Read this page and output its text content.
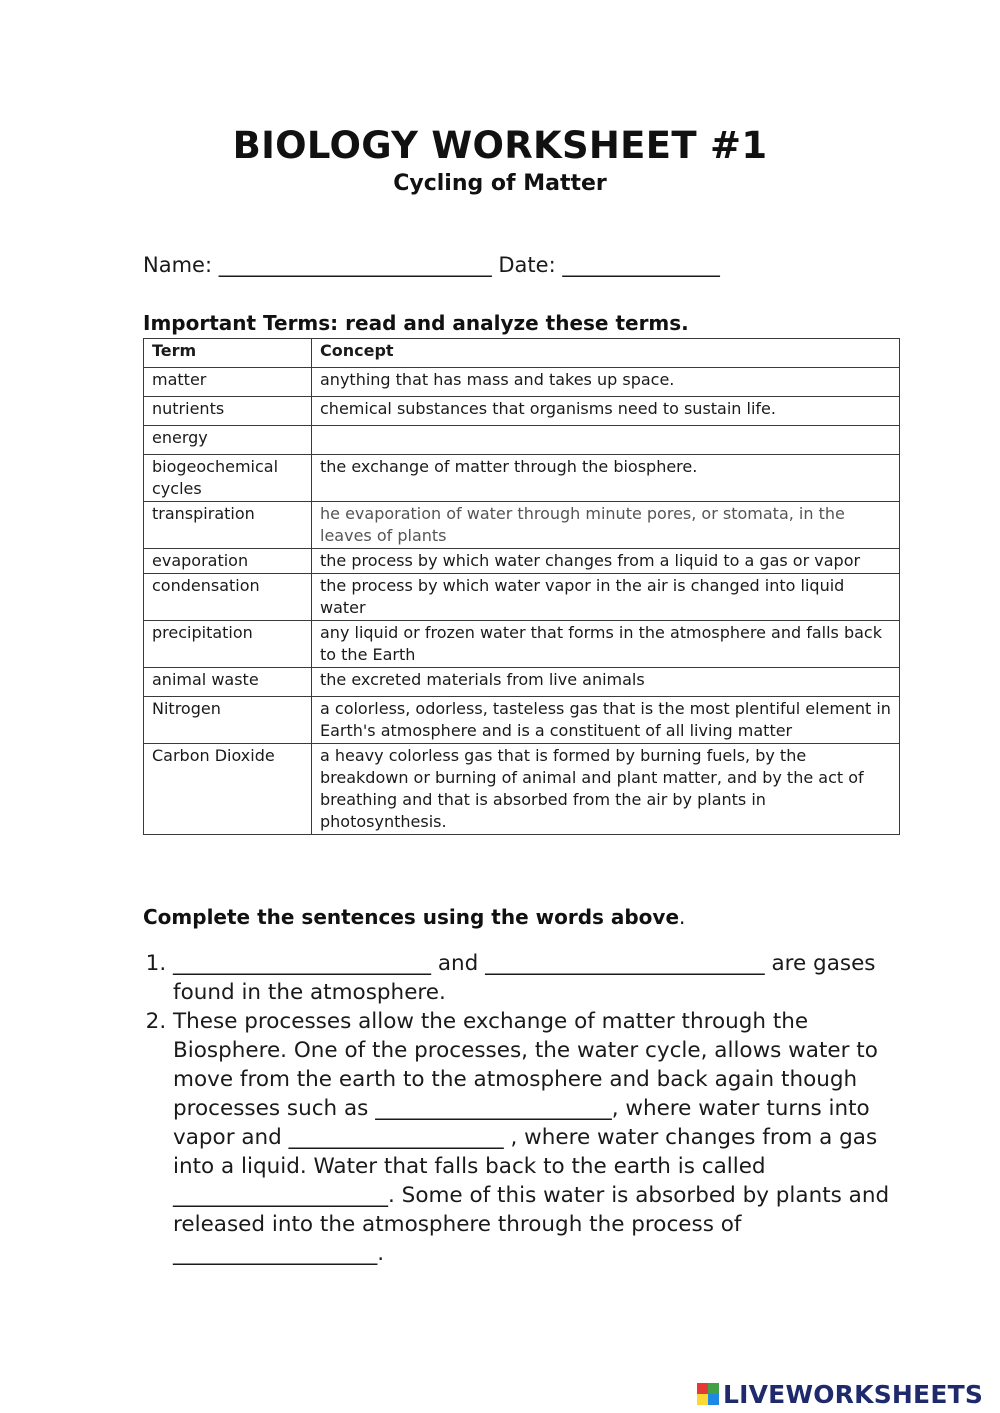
BIOLOGY WORKSHEET #1
Cycling of Matter
Name: __________________________ Date: _______________
Important Terms: read and analyze these terms.
Term	Concept
matter	anything that has mass and takes up space.
nutrients	chemical substances that organisms need to sustain life.
energy	
biogeochemical cycles	the exchange of matter through the biosphere.
transpiration	he evaporation of water through minute pores, or stomata, in the leaves of plants
evaporation	the process by which water changes from a liquid to a gas or vapor
condensation	the process by which water vapor in the air is changed into liquid water
precipitation	any liquid or frozen water that forms in the atmosphere and falls back to the Earth
animal waste	the excreted materials from live animals
Nitrogen	a colorless, odorless, tasteless gas that is the most plentiful element in Earth's atmosphere and is a constituent of all living matter
Carbon Dioxide	a heavy colorless gas that is formed by burning fuels, by the breakdown or burning of animal and plant matter, and by the act of breathing and that is absorbed from the air by plants in photosynthesis.
Complete the sentences using the words above.
1. ________________________ and __________________________ are gases found in the atmosphere.
2. These processes allow the exchange of matter through the Biosphere. One of the processes, the water cycle, allows water to move from the earth to the atmosphere and back again though processes such as ______________________, where water turns into vapor and ____________________ , where water changes from a gas into a liquid. Water that falls back to the earth is called ____________________. Some of this water is absorbed by plants and released into the atmosphere through the process of ___________________.
LIVEWORKSHEETS
